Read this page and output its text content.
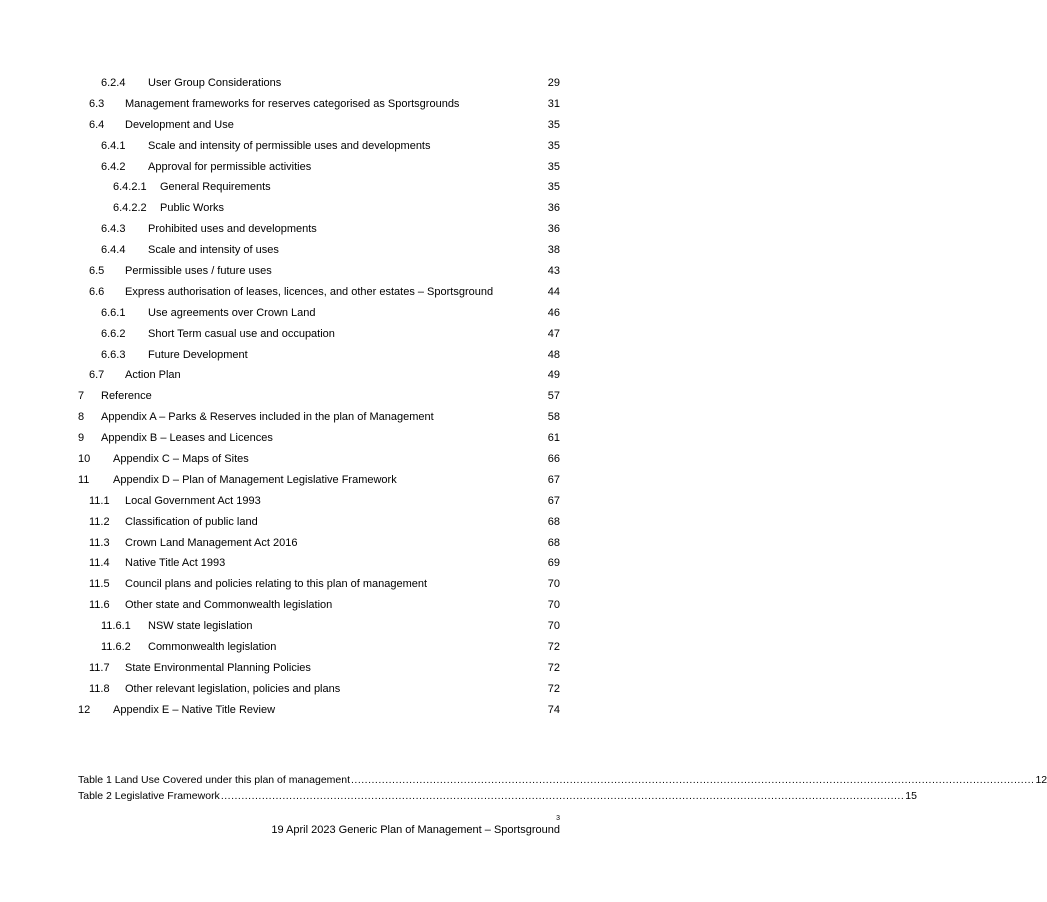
6.2.4 User Group Considerations	29
6.3 Management frameworks for reserves categorised as Sportsgrounds	31
6.4 Development and Use	35
6.4.1 Scale and intensity of permissible uses and developments	35
6.4.2 Approval for permissible activities	35
6.4.2.1 General Requirements	35
6.4.2.2 Public Works	36
6.4.3 Prohibited uses and developments	36
6.4.4 Scale and intensity of uses	38
6.5 Permissible uses / future uses	43
6.6 Express authorisation of leases, licences, and other estates – Sportsground	44
6.6.1 Use agreements over Crown Land	46
6.6.2 Short Term casual use and occupation	47
6.6.3 Future Development	48
6.7 Action Plan	49
7 Reference	57
8 Appendix A – Parks & Reserves included in the plan of Management	58
9 Appendix B – Leases and Licences	61
10 Appendix C – Maps of Sites	66
11 Appendix D – Plan of Management Legislative Framework	67
11.1 Local Government Act 1993	67
11.2 Classification of public land	68
11.3 Crown Land Management Act 2016	68
11.4 Native Title Act 1993	69
11.5 Council plans and policies relating to this plan of management	70
11.6 Other state and Commonwealth legislation	70
11.6.1 NSW state legislation	70
11.6.2 Commonwealth legislation	72
11.7 State Environmental Planning Policies	72
11.8 Other relevant legislation, policies and plans	72
12 Appendix E – Native Title Review	74
Table 1 Land Use Covered under this plan of management ........................................................................................................................................................................................................ 12
Table 2 Legislative Framework ........................................................................................................................................................................................................ 15
3
19 April 2023 Generic Plan of Management – Sportsground
